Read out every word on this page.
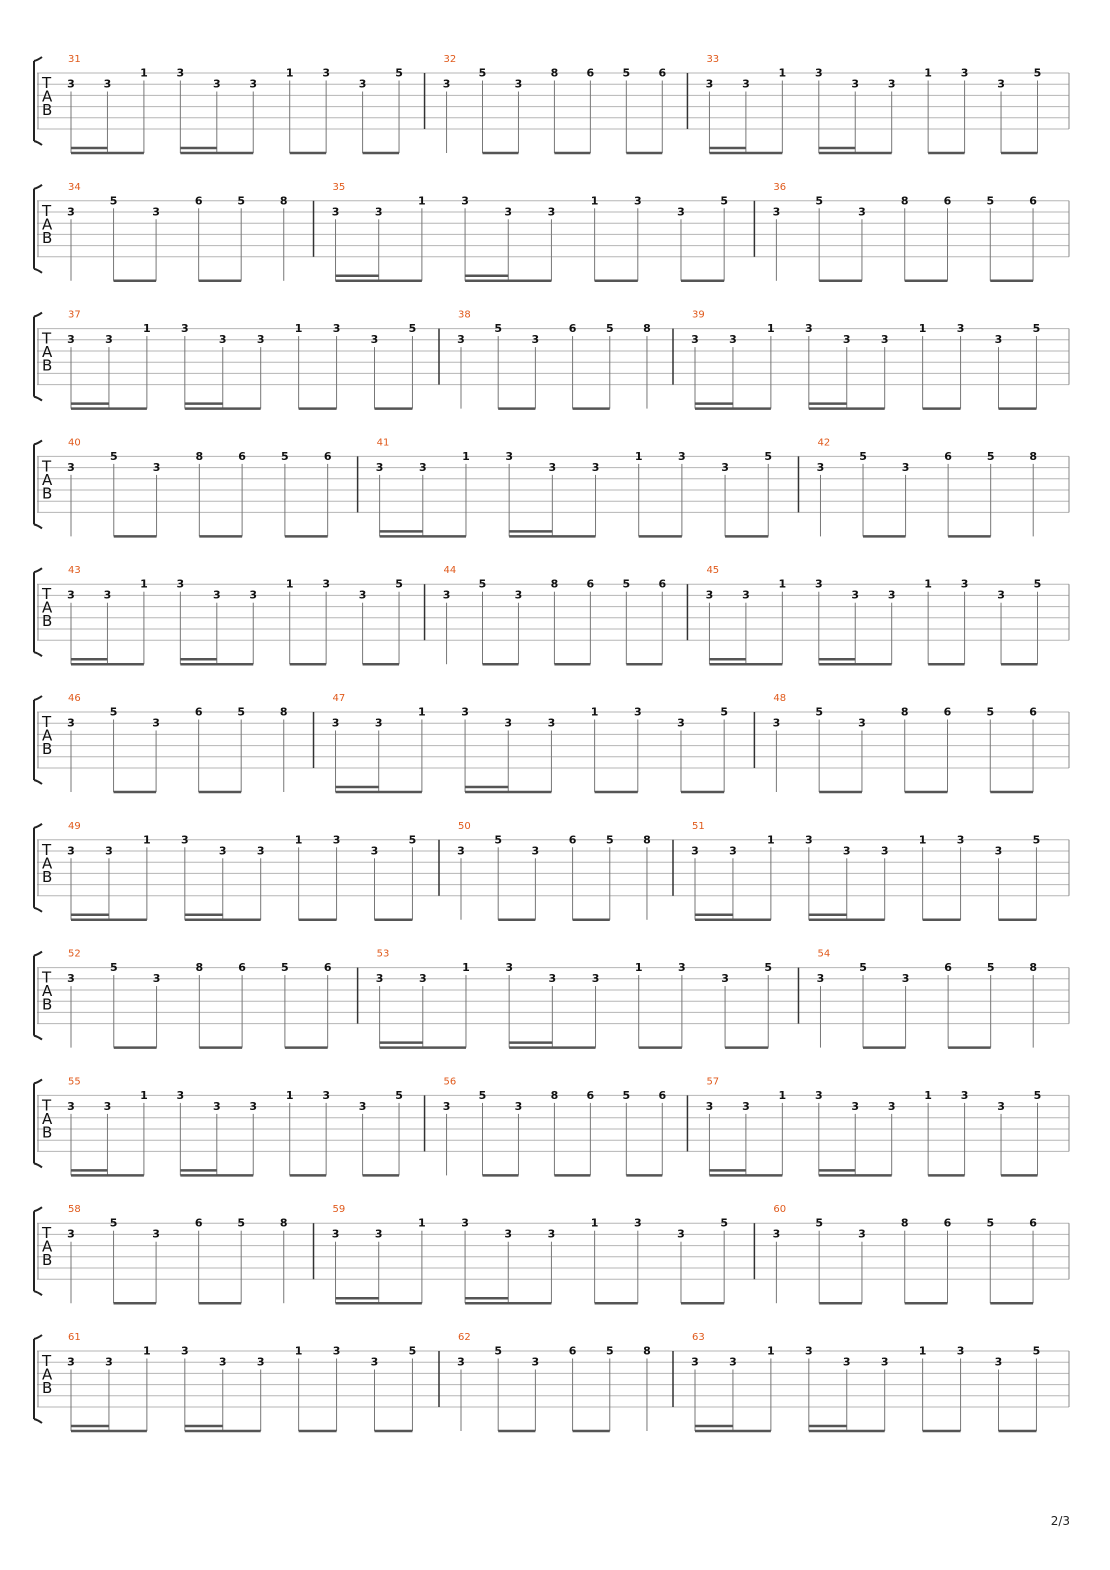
T
A
B
31
3	3
1	3
3	3
1	3
3
5
32
3
5
3
8	6	5	6
33
3	3
1	3
3	3
1	3
3
5
T
A
B
34
3
5
3
6	5	8
35
3	3
1	3
3	3
1	3
3
5
36
3
5
3
8	6	5	6
T
A
B
37
3	3
1	3
3	3
1	3
3
5
38
3
5
3
6	5	8
39
3	3
1	3
3	3
1	3
3
5
T
A
B
40
3
5
3
8	6	5	6
41
3	3
1	3
3	3
1	3
3
5
42
3
5
3
6	5	8
T
A
B
43
3	3
1	3
3	3
1	3
3
5
44
3
5
3
8	6	5	6
45
3	3
1	3
3	3
1	3
3
5
T
A
B
46
3
5
3
6	5	8
47
3	3
1	3
3	3
1	3
3
5
48
3
5
3
8	6	5	6
T
A
B
49
3	3
1	3
3	3
1	3
3
5
50
3
5
3
6	5	8
51
3	3
1	3
3	3
1	3
3
5
T
A
B
52
3
5
3
8	6	5	6
53
3	3
1	3
3	3
1	3
3
5
54
3
5
3
6	5	8
T
A
B
55
3	3
1	3
3	3
1	3
3
5
56
3
5
3
8	6	5	6
57
3	3
1	3
3	3
1	3
3
5
T
A
B
58
3
5
3
6	5	8
59
3	3
1	3
3	3
1	3
3
5
60
3
5
3
8	6	5	6
T
A
B
61
3	3
1	3
3	3
1	3
3
5
62
3
5
3
6	5	8
63
3	3
1	3
3	3
1	3
3
5
2/3
